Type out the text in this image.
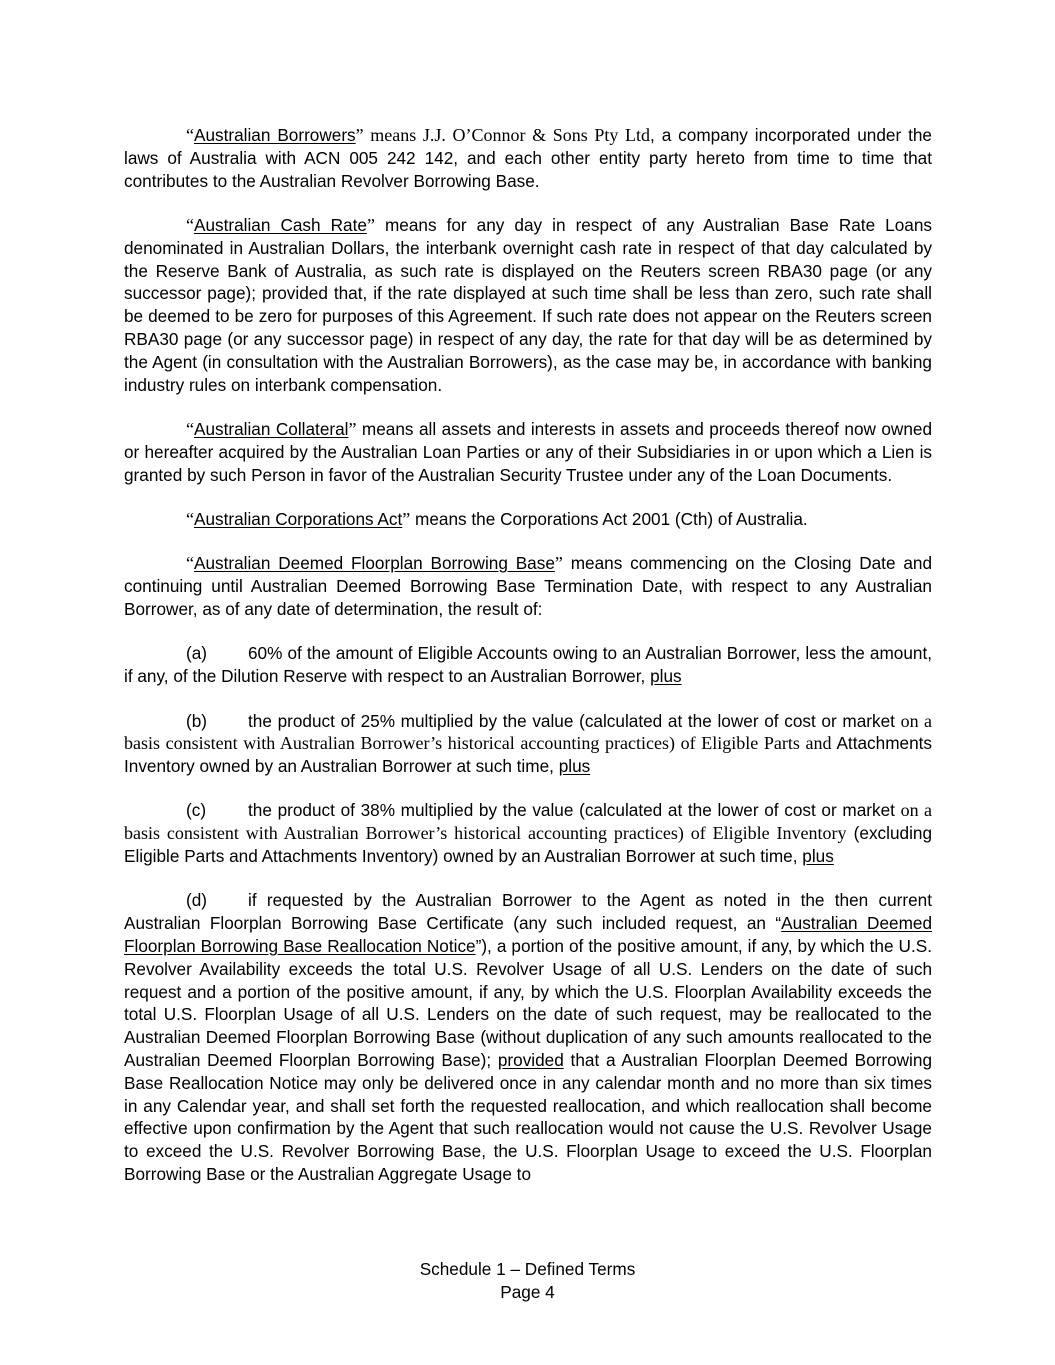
“Australian Borrowers” means J.J. O’Connor & Sons Pty Ltd, a company incorporated under the laws of Australia with ACN 005 242 142, and each other entity party hereto from time to time that contributes to the Australian Revolver Borrowing Base.

“Australian Cash Rate” means for any day in respect of any Australian Base Rate Loans denominated in Australian Dollars, the interbank overnight cash rate in respect of that day calculated by the Reserve Bank of Australia, as such rate is displayed on the Reuters screen RBA30 page (or any successor page); provided that, if the rate displayed at such time shall be less than zero, such rate shall be deemed to be zero for purposes of this Agreement. If such rate does not appear on the Reuters screen RBA30 page (or any successor page) in respect of any day, the rate for that day will be as determined by the Agent (in consultation with the Australian Borrowers), as the case may be, in accordance with banking industry rules on interbank compensation.

“Australian Collateral” means all assets and interests in assets and proceeds thereof now owned or hereafter acquired by the Australian Loan Parties or any of their Subsidiaries in or upon which a Lien is granted by such Person in favor of the Australian Security Trustee under any of the Loan Documents.

“Australian Corporations Act” means the Corporations Act 2001 (Cth) of Australia.

“Australian Deemed Floorplan Borrowing Base” means commencing on the Closing Date and continuing until Australian Deemed Borrowing Base Termination Date, with respect to any Australian Borrower, as of any date of determination, the result of:

(a) 60% of the amount of Eligible Accounts owing to an Australian Borrower, less the amount, if any, of the Dilution Reserve with respect to an Australian Borrower, plus

(b) the product of 25% multiplied by the value (calculated at the lower of cost or market on a basis consistent with Australian Borrower’s historical accounting practices) of Eligible Parts and Attachments Inventory owned by an Australian Borrower at such time, plus

(c) the product of 38% multiplied by the value (calculated at the lower of cost or market on a basis consistent with Australian Borrower’s historical accounting practices) of Eligible Inventory (excluding Eligible Parts and Attachments Inventory) owned by an Australian Borrower at such time, plus

(d) if requested by the Australian Borrower to the Agent as noted in the then current Australian Floorplan Borrowing Base Certificate (any such included request, an “Australian Deemed Floorplan Borrowing Base Reallocation Notice”), a portion of the positive amount, if any, by which the U.S. Revolver Availability exceeds the total U.S. Revolver Usage of all U.S. Lenders on the date of such request and a portion of the positive amount, if any, by which the U.S. Floorplan Availability exceeds the total U.S. Floorplan Usage of all U.S. Lenders on the date of such request, may be reallocated to the Australian Deemed Floorplan Borrowing Base (without duplication of any such amounts reallocated to the Australian Deemed Floorplan Borrowing Base); provided that a Australian Floorplan Deemed Borrowing Base Reallocation Notice may only be delivered once in any calendar month and no more than six times in any Calendar year, and shall set forth the requested reallocation, and which reallocation shall become effective upon confirmation by the Agent that such reallocation would not cause the U.S. Revolver Usage to exceed the U.S. Revolver Borrowing Base, the U.S. Floorplan Usage to exceed the U.S. Floorplan Borrowing Base or the Australian Aggregate Usage to

Schedule 1 – Defined Terms
Page 4
